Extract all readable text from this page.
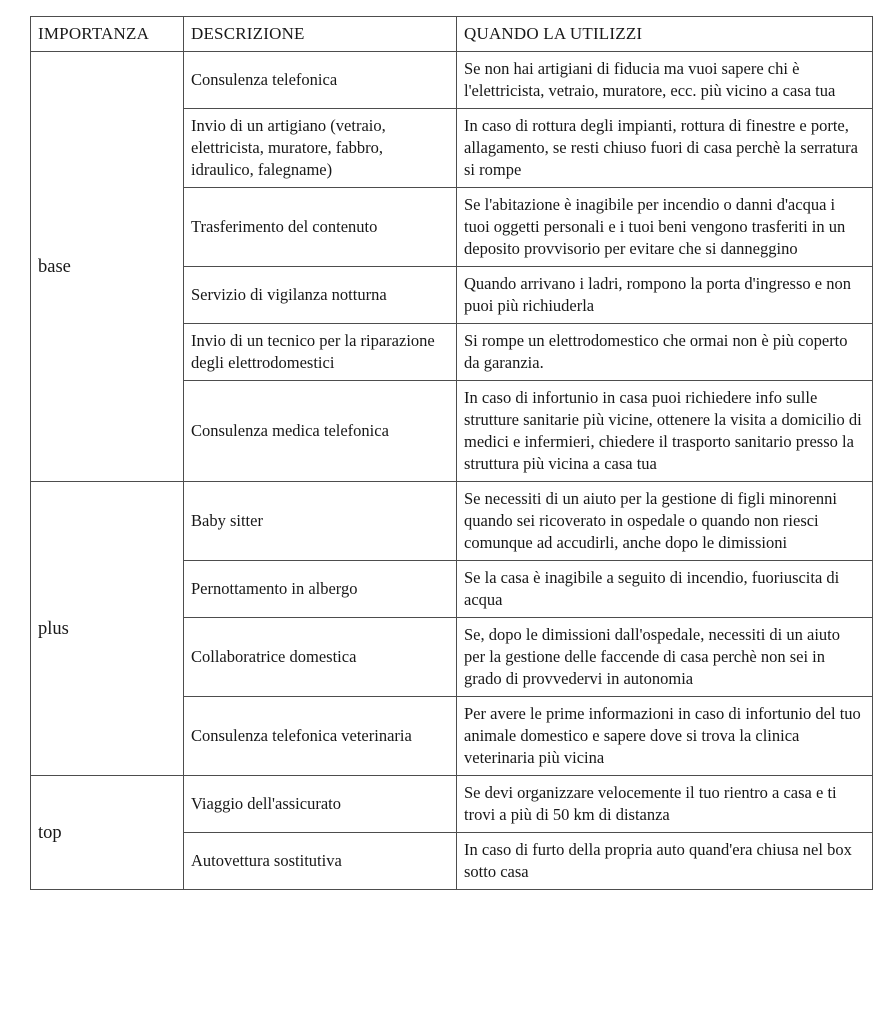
IMPORTANZA	DESCRIZIONE	QUANDO LA UTILIZZI
base	Consulenza telefonica	Se non hai artigiani di fiducia ma vuoi sapere chi è l'elettricista, vetraio, muratore, ecc. più vicino a casa tua
	Invio di un artigiano (vetraio, elettricista, muratore, fabbro, idraulico, falegname)	In caso di rottura degli impianti, rottura di finestre e porte, allagamento, se resti chiuso fuori di casa perchè la serratura si rompe
	Trasferimento del contenuto	Se l'abitazione è inagibile per incendio o danni d'acqua i tuoi oggetti personali e i tuoi beni vengono trasferiti in un deposito provvisorio per evitare che si danneggino
	Servizio di vigilanza notturna	Quando arrivano i ladri, rompono la porta d'ingresso e non puoi più richiuderla
	Invio di un tecnico per la riparazione degli elettrodomestici	Si rompe un elettrodomestico che ormai non è più coperto da garanzia.
	Consulenza medica telefonica	In caso di infortunio in casa puoi richiedere info sulle strutture sanitarie più vicine, ottenere la visita a domicilio di medici e infermieri, chiedere il trasporto sanitario presso la struttura più vicina a casa tua
plus	Baby sitter	Se necessiti di un aiuto per la gestione di figli minorenni quando sei ricoverato in ospedale o quando non riesci comunque ad accudirli, anche dopo le dimissioni
	Pernottamento in albergo	Se la casa è inagibile a seguito di incendio, fuoriuscita di acqua
	Collaboratrice domestica	Se, dopo le dimissioni dall'ospedale, necessiti di un aiuto per la gestione delle faccende di casa perchè non sei in grado di provvedervi in autonomia
	Consulenza telefonica veterinaria	Per avere le prime informazioni in caso di infortunio del tuo animale domestico e sapere dove si trova la clinica veterinaria più vicina
top	Viaggio dell'assicurato	Se devi organizzare velocemente il tuo rientro a casa e ti trovi a più di 50 km di distanza
	Autovettura sostitutiva	In caso di furto della propria auto quand'era chiusa nel box sotto casa
